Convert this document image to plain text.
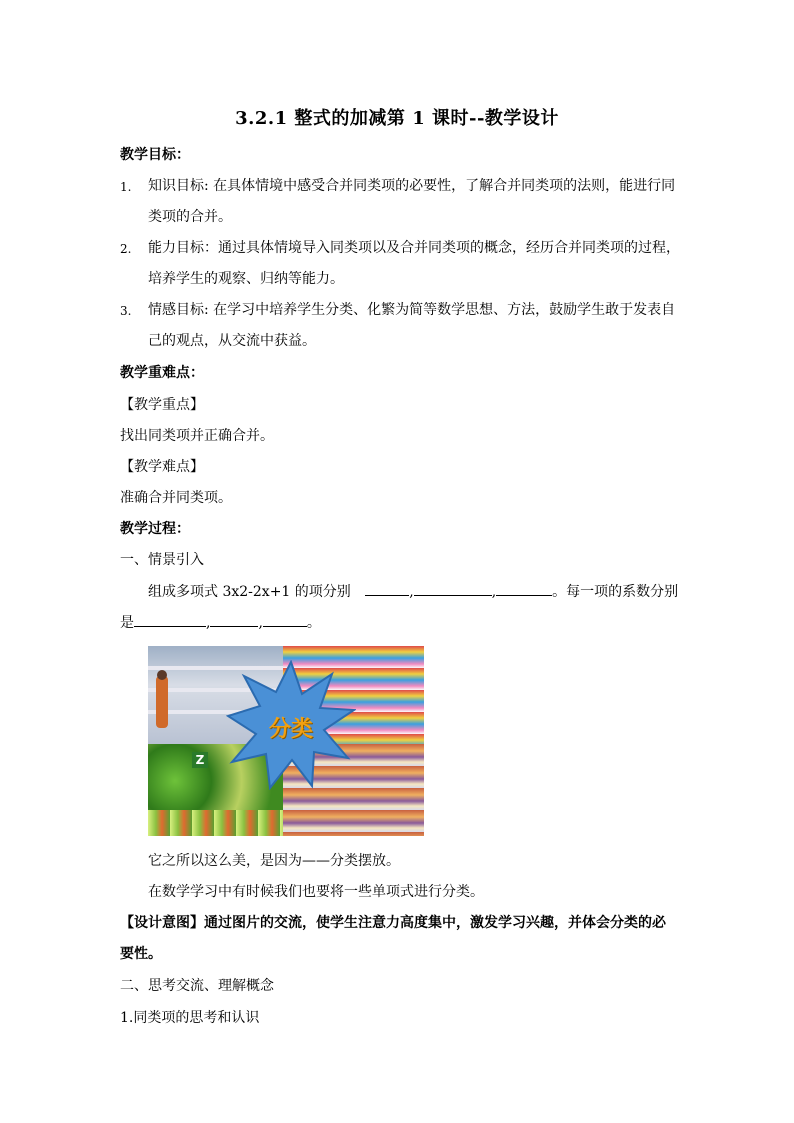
3.2.1 整式的加减第 1 课时--教学设计
教学目标：
1. 知识目标: 在具体情境中感受合并同类项的必要性，了解合并同类项的法则，能进行同
类项的合并。
2. 能力目标：通过具体情境导入同类项以及合并同类项的概念，经历合并同类项的过程，
培养学生的观察、归纳等能力。
3. 情感目标: 在学习中培养学生分类、化繁为简等数学思想、方法，鼓励学生敢于发表自
己的观点，从交流中获益。
教学重难点：
【教学重点】
找出同类项并正确合并。
【教学难点】
准确合并同类项。
教学过程：
一、情景引入
组成多项式 3x2-2x+1 的项分别	,	,	。每一项的系数分别
是	,	,	。
Z
分类
它之所以这么美，是因为——分类摆放。
在数学学习中有时候我们也要将一些单项式进行分类。
【设计意图】通过图片的交流，使学生注意力高度集中，激发学习兴趣，并体会分类的必
要性。
二、思考交流、理解概念
1.同类项的思考和认识
